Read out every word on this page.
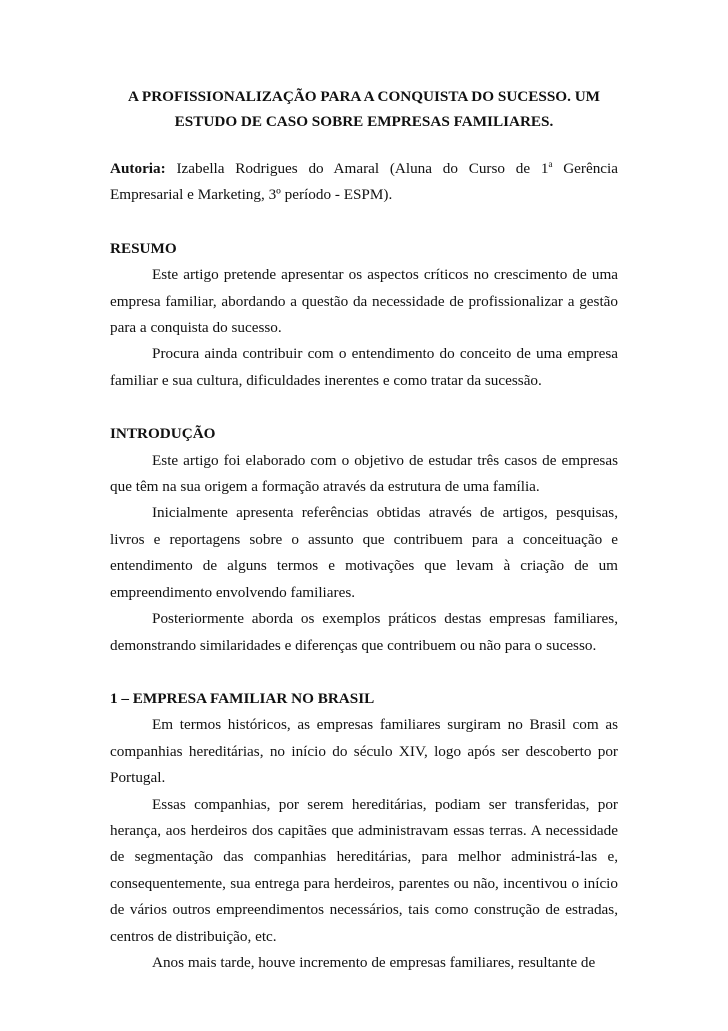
A PROFISSIONALIZAÇÃO PARA A CONQUISTA DO SUCESSO. UM
ESTUDO DE CASO SOBRE EMPRESAS FAMILIARES.

Autoria: Izabella Rodrigues do Amaral (Aluna do Curso de 1$^a$ Gerência Empresarial e Marketing, 3º período - ESPM).

RESUMO

Este artigo pretende apresentar os aspectos críticos no crescimento de uma empresa familiar, abordando a questão da necessidade de profissionalizar a gestão para a conquista do sucesso.

Procura ainda contribuir com o entendimento do conceito de uma empresa familiar e sua cultura, dificuldades inerentes e como tratar da sucessão.

INTRODUÇÃO

Este artigo foi elaborado com o objetivo de estudar três casos de empresas que têm na sua origem a formação através da estrutura de uma família.

Inicialmente apresenta referências obtidas através de artigos, pesquisas, livros e reportagens sobre o assunto que contribuem para a conceituação e entendimento de alguns termos e motivações que levam à criação de um empreendimento envolvendo familiares.

Posteriormente aborda os exemplos práticos destas empresas familiares, demonstrando similaridades e diferenças que contribuem ou não para o sucesso.

1 – EMPRESA FAMILIAR NO BRASIL

Em termos históricos, as empresas familiares surgiram no Brasil com as companhias hereditárias, no início do século XIV, logo após ser descoberto por Portugal.

Essas companhias, por serem hereditárias, podiam ser transferidas, por herança, aos herdeiros dos capitães que administravam essas terras. A necessidade de segmentação das companhias hereditárias, para melhor administrá-las e, consequentemente, sua entrega para herdeiros, parentes ou não, incentivou o início de vários outros empreendimentos necessários, tais como construção de estradas, centros de distribuição, etc.

Anos mais tarde, houve incremento de empresas familiares, resultante de
